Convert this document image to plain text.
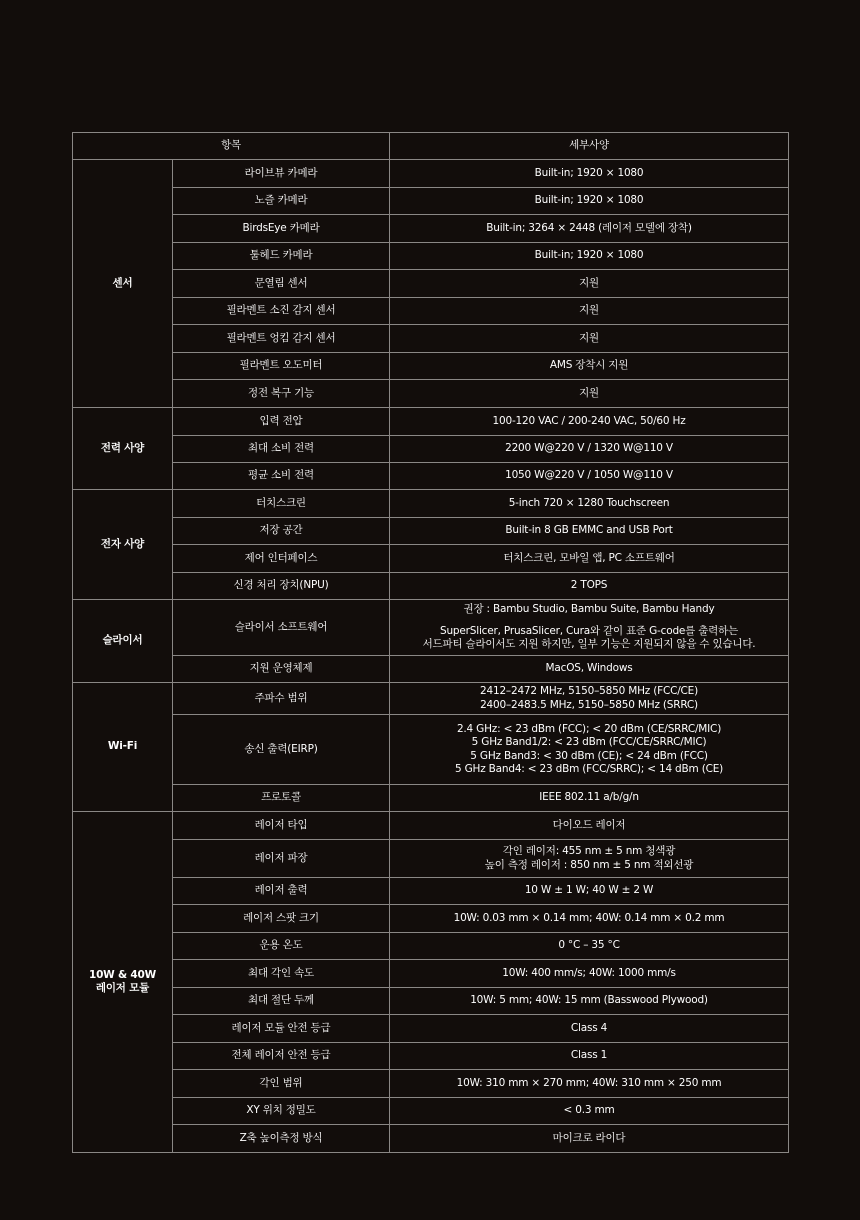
항목		세부사양

센서	라이브뷰 카메라	Built-in; 1920 × 1080

	노즐 카메라	Built-in; 1920 × 1080

	BirdsEye 카메라	Built-in; 3264 × 2448 (레이저 모델에 장착)

	툴헤드 카메라	Built-in; 1920 × 1080

	문열림 센서	지원

	필라멘트 소진 감지 센서	지원

	필라멘트 엉킴 감지 센서	지원

	필라멘트 오도미터	AMS 장착시 지원

	정전 복구 기능	지원

전력 사양	입력 전압	100-120 VAC / 200-240 VAC, 50/60 Hz

	최대 소비 전력	2200 W@220 V / 1320 W@110 V

	평균 소비 전력	1050 W@220 V / 1050 W@110 V

전자 사양	터치스크린	5-inch 720 × 1280 Touchscreen

	저장 공간	Built-in 8 GB EMMC and USB Port

	제어 인터페이스	터치스크린, 모바일 앱, PC 소프트웨어

	신경 처리 장치(NPU)	2 TOPS

슬라이서	슬라이서 소프트웨어	권장 : Bambu Studio, Bambu Suite, Bambu Handy
SuperSlicer, PrusaSlicer, Cura와 같이 표준 G-code를 출력하는
서드파티 슬라이서도 지원 하지만, 일부 기능은 지원되지 않을 수 있습니다.

	지원 운영체제	MacOS, Windows

Wi-Fi	주파수 범위	2412–2472 MHz, 5150–5850 MHz (FCC/CE)
2400–2483.5 MHz, 5150–5850 MHz (SRRC)

	송신 출력(EIRP)	2.4 GHz: < 23 dBm (FCC); < 20 dBm (CE/SRRC/MIC)
5 GHz Band1/2: < 23 dBm (FCC/CE/SRRC/MIC)
5 GHz Band3: < 30 dBm (CE); < 24 dBm (FCC)
5 GHz Band4: < 23 dBm (FCC/SRRC); < 14 dBm (CE)

	프로토콜	IEEE 802.11 a/b/g/n

10W & 40W
레이저 모듈	레이저 타입	다이오드 레이저

	레이저 파장	각인 레이저: 455 nm ± 5 nm 청색광
높이 측정 레이저 : 850 nm ± 5 nm 적외선광

	레이저 출력	10 W ± 1 W; 40 W ± 2 W

	레이저 스팟 크기	10W: 0.03 mm × 0.14 mm; 40W: 0.14 mm × 0.2 mm

	운용 온도	0 °C – 35 °C

	최대 각인 속도	10W: 400 mm/s; 40W: 1000 mm/s

	최대 절단 두께	10W: 5 mm; 40W: 15 mm (Basswood Plywood)

	레이저 모듈 안전 등급	Class 4

	전체 레이저 안전 등급	Class 1

	각인 범위	10W: 310 mm × 270 mm; 40W: 310 mm × 250 mm

	XY 위치 정밀도	< 0.3 mm

	Z축 높이측정 방식	마이크로 라이다
